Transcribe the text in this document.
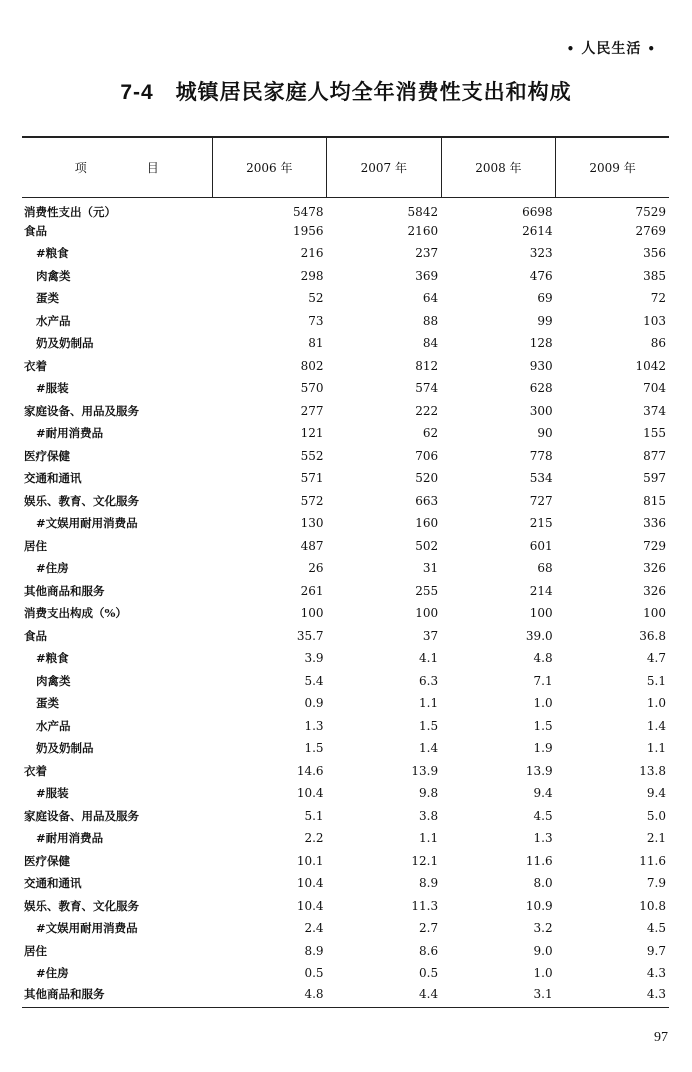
• 人民生活 •
7-4 城镇居民家庭人均全年消费性支出和构成
项 目	2006 年	2007 年	2008 年	2009 年
消费性支出（元）	5478	5842	6698	7529
食品	1956	2160	2614	2769
#粮食	216	237	323	356
肉禽类	298	369	476	385
蛋类	52	64	69	72
水产品	73	88	99	103
奶及奶制品	81	84	128	86
衣着	802	812	930	1042
#服装	570	574	628	704
家庭设备、用品及服务	277	222	300	374
#耐用消费品	121	62	90	155
医疗保健	552	706	778	877
交通和通讯	571	520	534	597
娱乐、教育、文化服务	572	663	727	815
#文娱用耐用消费品	130	160	215	336
居住	487	502	601	729
#住房	26	31	68	326
其他商品和服务	261	255	214	326
消费支出构成（%）	100	100	100	100
食品	35.7	37	39.0	36.8
#粮食	3.9	4.1	4.8	4.7
肉禽类	5.4	6.3	7.1	5.1
蛋类	0.9	1.1	1.0	1.0
水产品	1.3	1.5	1.5	1.4
奶及奶制品	1.5	1.4	1.9	1.1
衣着	14.6	13.9	13.9	13.8
#服装	10.4	9.8	9.4	9.4
家庭设备、用品及服务	5.1	3.8	4.5	5.0
#耐用消费品	2.2	1.1	1.3	2.1
医疗保健	10.1	12.1	11.6	11.6
交通和通讯	10.4	8.9	8.0	7.9
娱乐、教育、文化服务	10.4	11.3	10.9	10.8
#文娱用耐用消费品	2.4	2.7	3.2	4.5
居住	8.9	8.6	9.0	9.7
#住房	0.5	0.5	1.0	4.3
其他商品和服务	4.8	4.4	3.1	4.3
97
